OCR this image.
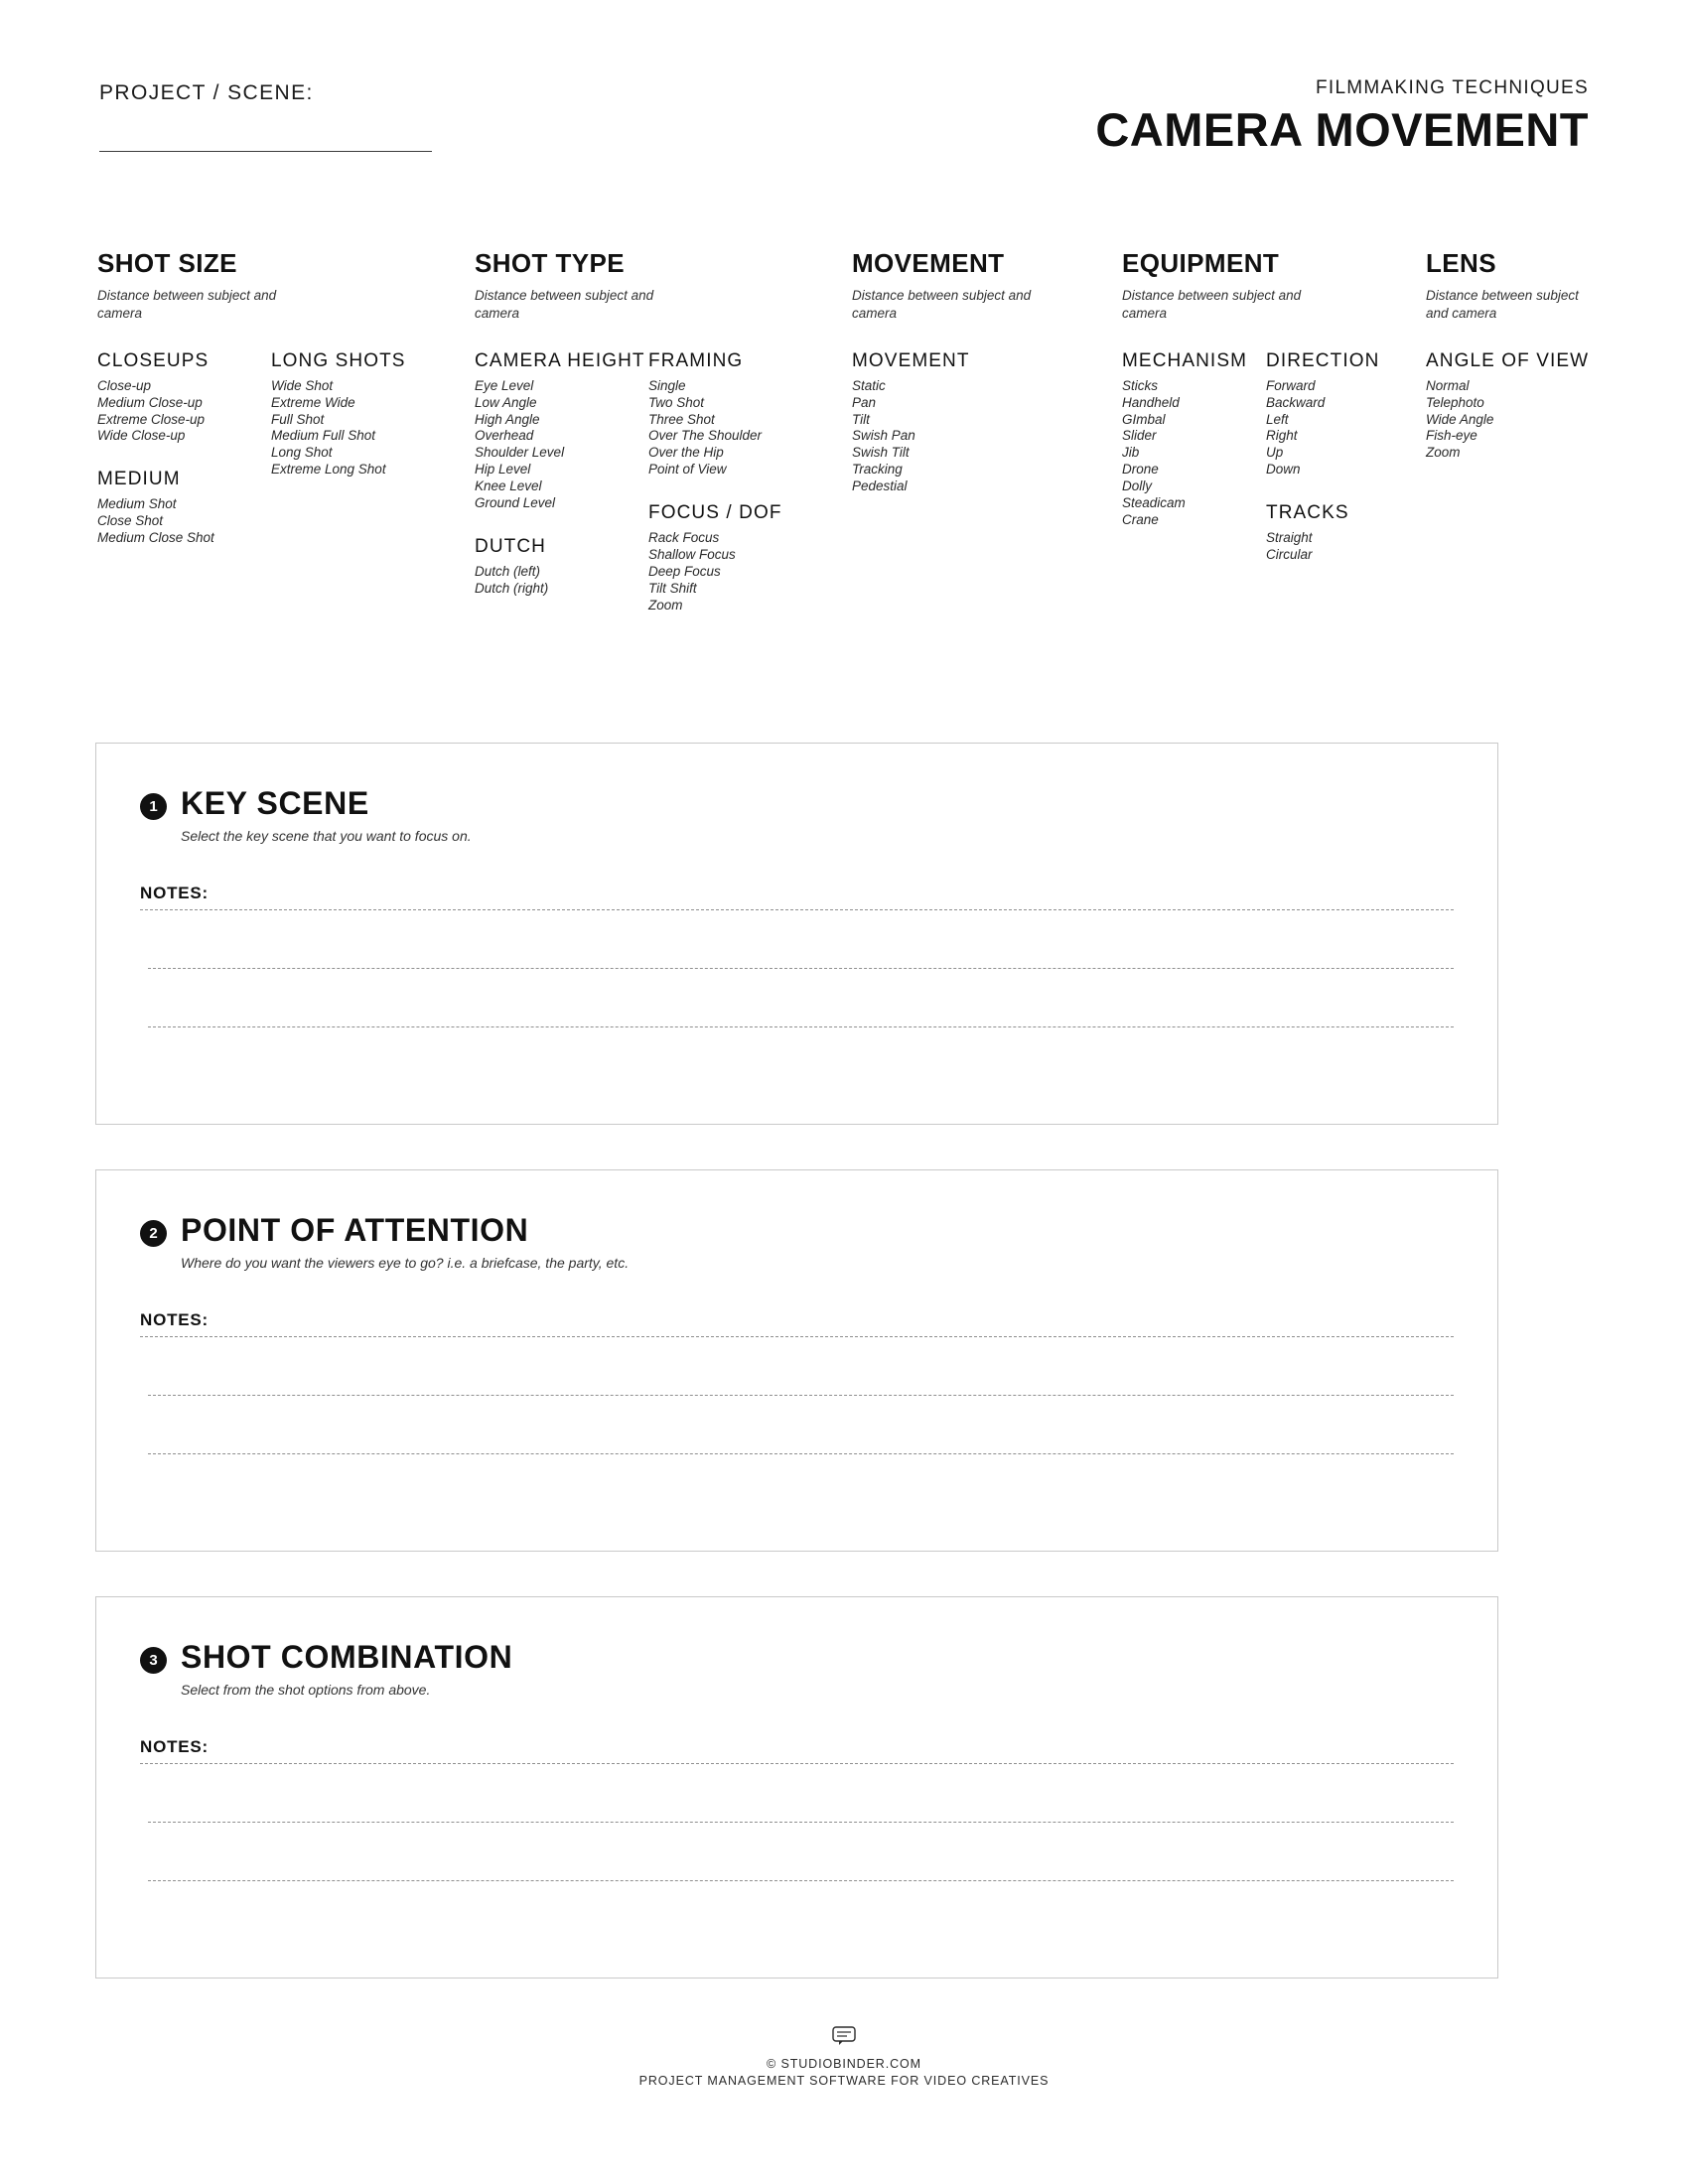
PROJECT / SCENE:	FILMMAKING TECHNIQUES
CAMERA MOVEMENT
SHOT SIZE
Distance between subject and camera
CLOSEUPS
Close-up
Medium Close-up
Extreme Close-up
Wide Close-up
MEDIUM
Medium Shot
Close Shot
Medium Close Shot
LONG SHOTS
Wide Shot
Extreme Wide
Full Shot
Medium Full Shot
Long Shot
Extreme Long Shot
SHOT TYPE
Distance between subject and camera
CAMERA HEIGHT
Eye Level
Low Angle
High Angle
Overhead
Shoulder Level
Hip Level
Knee Level
Ground Level
DUTCH
Dutch (left)
Dutch (right)
FRAMING
Single
Two Shot
Three Shot
Over The Shoulder
Over the Hip
Point of View
FOCUS / DOF
Rack Focus
Shallow Focus
Deep Focus
Tilt Shift
Zoom
MOVEMENT
Distance between subject and camera
MOVEMENT
Static
Pan
Tilt
Swish Pan
Swish Tilt
Tracking
Pedestial
EQUIPMENT
Distance between subject and camera
MECHANISM
Sticks
Handheld
GImbal
Slider
Jib
Drone
Dolly
Steadicam
Crane
DIRECTION
Forward
Backward
Left
Right
Up
Down
TRACKS
Straight
Circular
LENS
Distance between subject and camera
ANGLE OF VIEW
Normal
Telephoto
Wide Angle
Fish-eye
Zoom
1 KEY SCENE
Select the key scene that you want to focus on.
NOTES:
2 POINT OF ATTENTION
Where do you want the viewers eye to go? i.e. a briefcase, the party, etc.
NOTES:
3 SHOT COMBINATION
Select from the shot options from above.
NOTES:
© STUDIOBINDER.COM
PROJECT MANAGEMENT SOFTWARE FOR VIDEO CREATIVES
